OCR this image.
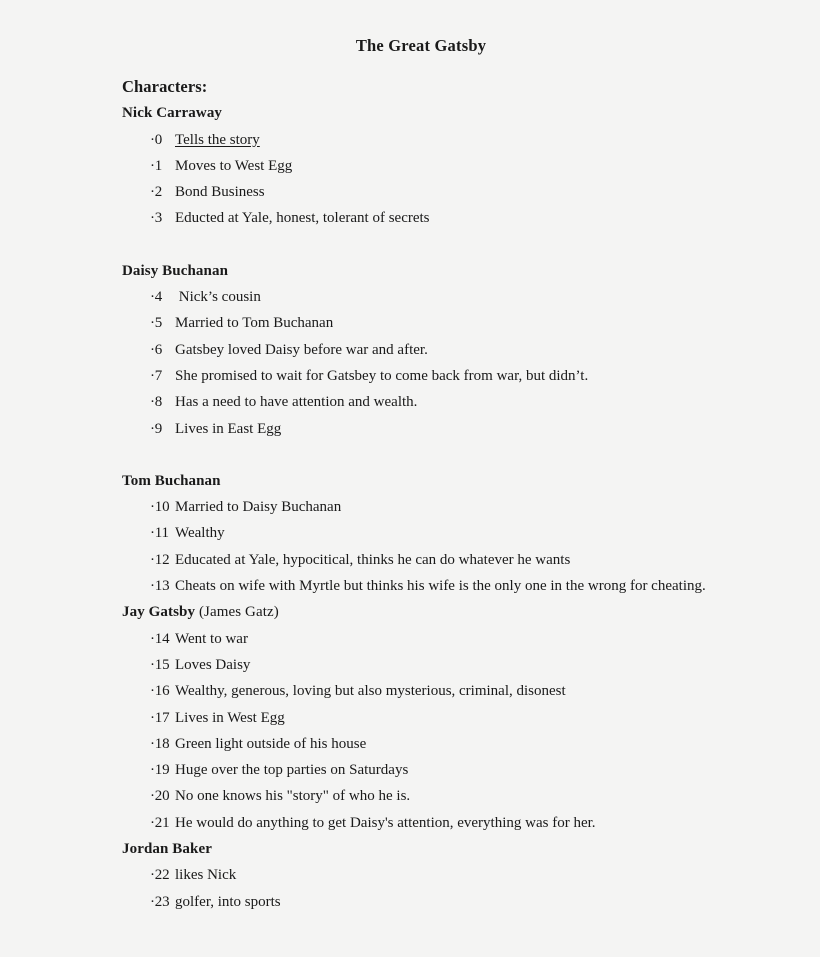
The Great Gatsby
Characters:
Nick Carraway
·0 Tells the story
·1 Moves to West Egg
·2 Bond Business
·3 Educted at Yale, honest, tolerant of secrets
Daisy Buchanan
·4 Nick’s cousin
·5 Married to Tom Buchanan
·6 Gatsbey loved Daisy before war and after.
·7 She promised to wait for Gatsbey to come back from war, but didn’t.
·8 Has a need to have attention and wealth.
·9 Lives in East Egg
Tom Buchanan
·10 Married to Daisy Buchanan
·11 Wealthy
·12 Educated at Yale, hypocitical, thinks he can do whatever he wants
·13 Cheats on wife with Myrtle but thinks his wife is the only one in the wrong for cheating.
Jay Gatsby (James Gatz)
·14 Went to war
·15 Loves Daisy
·16 Wealthy, generous, loving but also mysterious, criminal, disonest
·17 Lives in West Egg
·18 Green light outside of his house
·19 Huge over the top parties on Saturdays
·20 No one knows his "story" of who he is.
·21 He would do anything to get Daisy's attention, everything was for her.
Jordan Baker
·22 likes Nick
·23 golfer, into sports
